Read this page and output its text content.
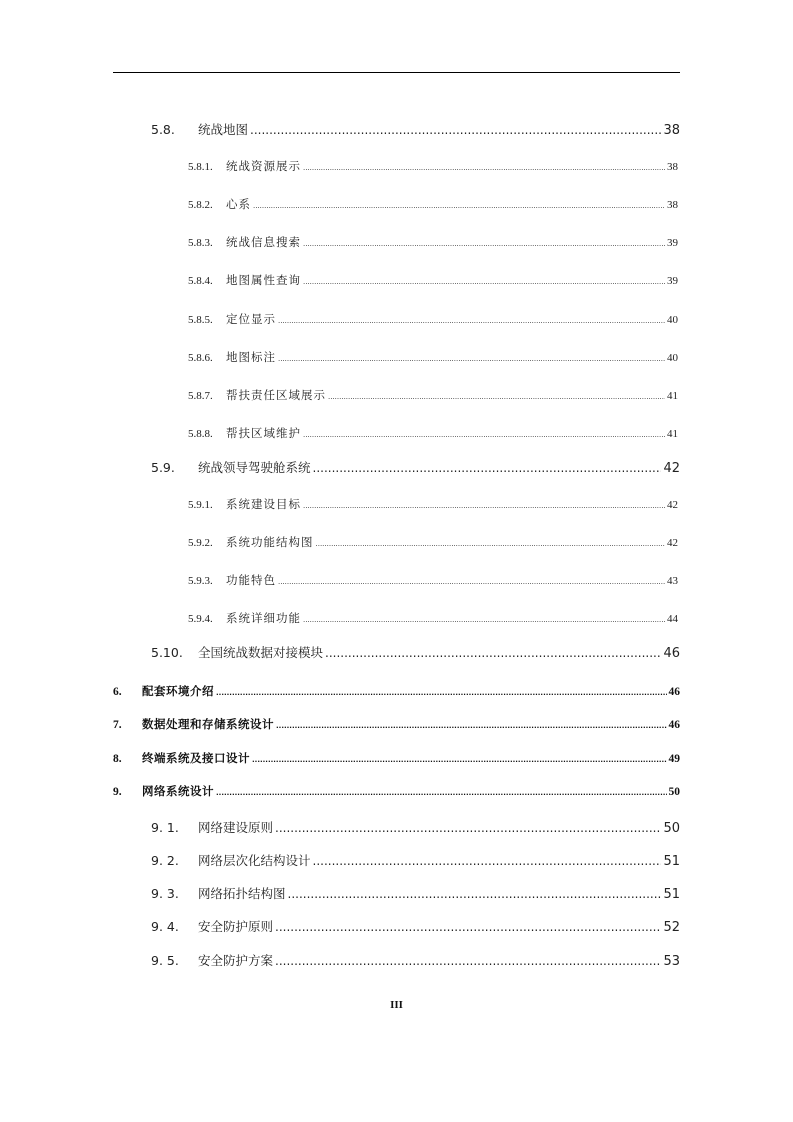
5.8.	统战地图 .....	38
5.8.1.	统战资源展示 .....	38
5.8.2.	心系 .....	38
5.8.3.	统战信息搜索 .....	39
5.8.4.	地图属性查询 .....	39
5.8.5.	定位显示 .....	40
5.8.6.	地图标注 .....	40
5.8.7.	帮扶责任区域展示 .....	41
5.8.8.	帮扶区域维护 .....	41
5.9.	统战领导驾驶舱系统 .....	42
5.9.1.	系统建设目标 .....	42
5.9.2.	系统功能结构图 .....	42
5.9.3.	功能特色 .....	43
5.9.4.	系统详细功能 .....	44
5.10.	全国统战数据对接模块 .....	46
6.	配套环境介绍 .....	46
7.	数据处理和存储系统设计 .....	46
8.	终端系统及接口设计 .....	49
9.	网络系统设计 .....	50
9. 1.	网络建设原则 .....	50
9. 2.	网络层次化结构设计 .....	51
9. 3.	网络拓扑结构图 .....	51
9. 4.	安全防护原则 .....	52
9. 5.	安全防护方案 .....	53
III
